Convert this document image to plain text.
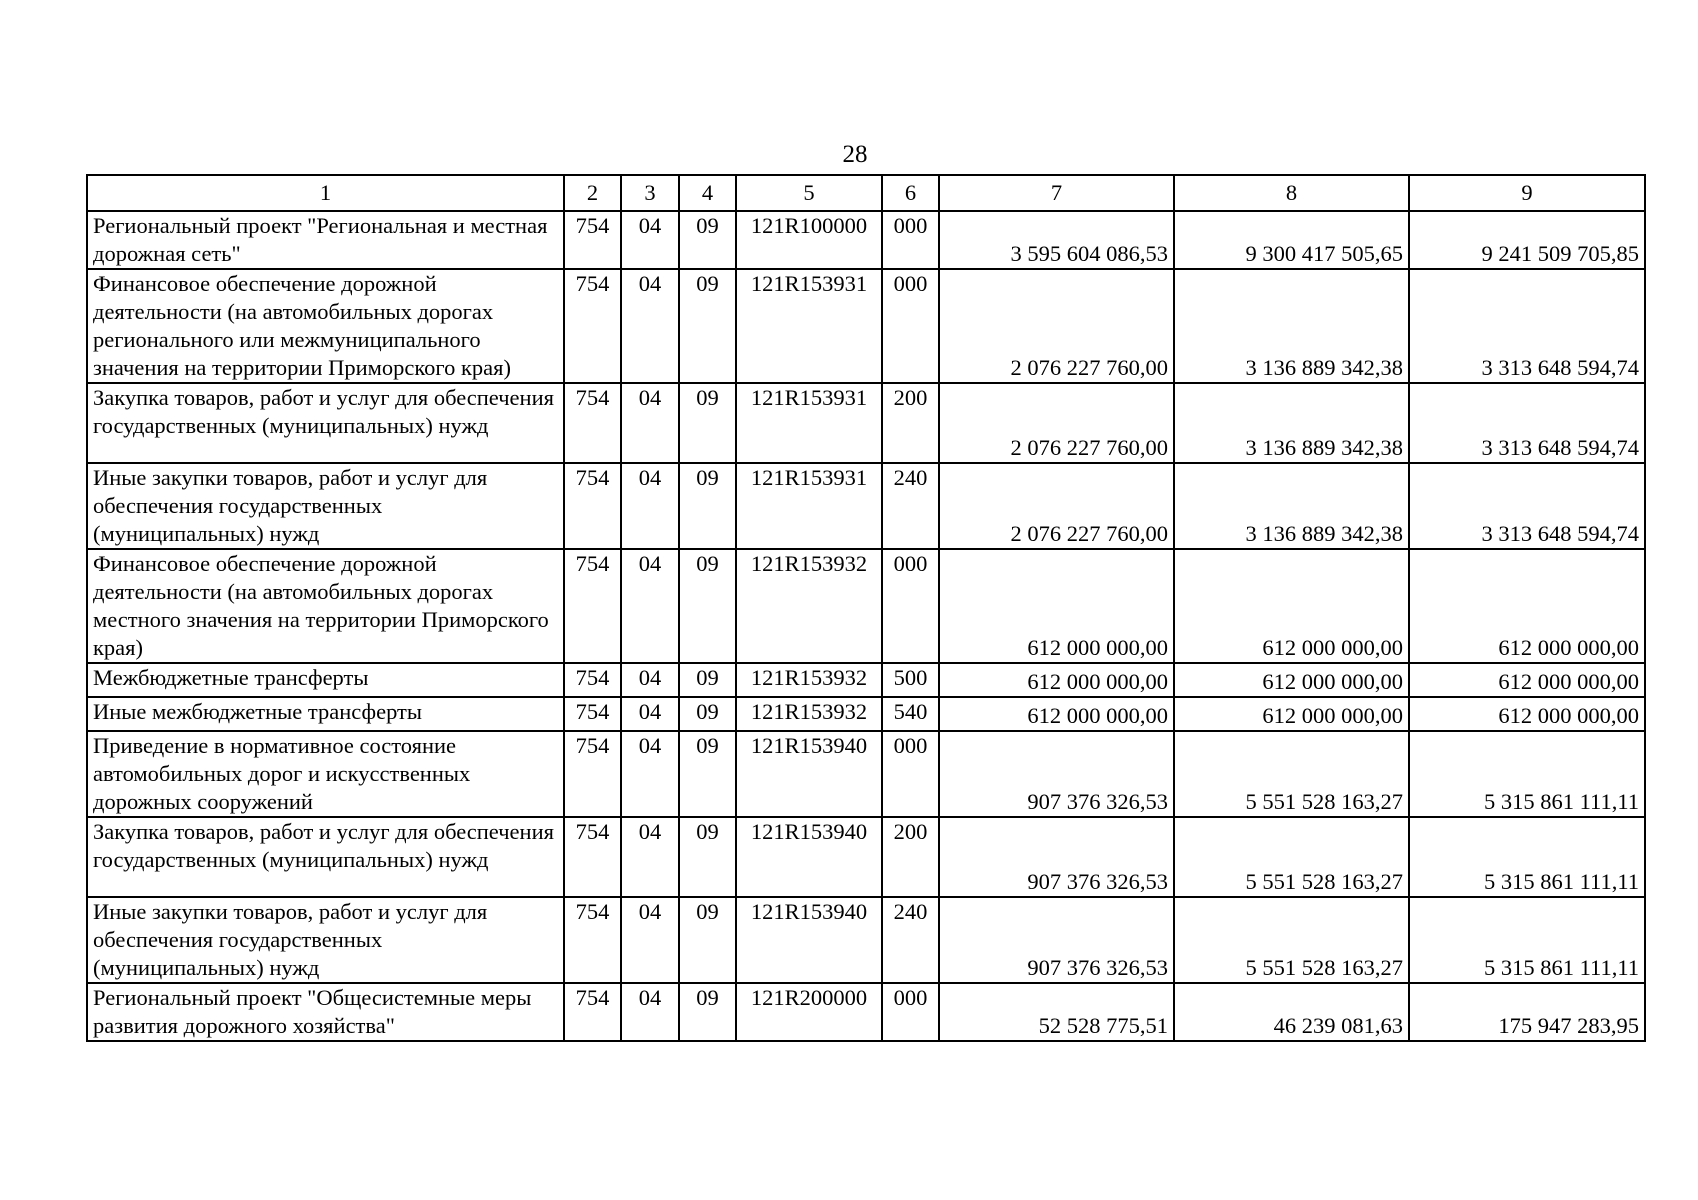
28
1	2	3	4	5	6	7	8	9
Региональный проект "Региональная и местная дорожная сеть"	754	04	09	121R100000	000	3 595 604 086,53	9 300 417 505,65	9 241 509 705,85
Финансовое обеспечение дорожной деятельности (на автомобильных дорогах регионального или межмуниципального значения на территории Приморского края)	754	04	09	121R153931	000	2 076 227 760,00	3 136 889 342,38	3 313 648 594,74
Закупка товаров, работ и услуг для обеспечения государственных (муниципальных) нужд	754	04	09	121R153931	200	2 076 227 760,00	3 136 889 342,38	3 313 648 594,74
Иные закупки товаров, работ и услуг для обеспечения государственных (муниципальных) нужд	754	04	09	121R153931	240	2 076 227 760,00	3 136 889 342,38	3 313 648 594,74
Финансовое обеспечение дорожной деятельности (на автомобильных дорогах местного значения на территории Приморского края)	754	04	09	121R153932	000	612 000 000,00	612 000 000,00	612 000 000,00
Межбюджетные трансферты	754	04	09	121R153932	500	612 000 000,00	612 000 000,00	612 000 000,00
Иные межбюджетные трансферты	754	04	09	121R153932	540	612 000 000,00	612 000 000,00	612 000 000,00
Приведение в нормативное состояние автомобильных дорог и искусственных дорожных сооружений	754	04	09	121R153940	000	907 376 326,53	5 551 528 163,27	5 315 861 111,11
Закупка товаров, работ и услуг для обеспечения государственных (муниципальных) нужд	754	04	09	121R153940	200	907 376 326,53	5 551 528 163,27	5 315 861 111,11
Иные закупки товаров, работ и услуг для обеспечения государственных (муниципальных) нужд	754	04	09	121R153940	240	907 376 326,53	5 551 528 163,27	5 315 861 111,11
Региональный проект "Общесистемные меры развития дорожного хозяйства"	754	04	09	121R200000	000	52 528 775,51	46 239 081,63	175 947 283,95
